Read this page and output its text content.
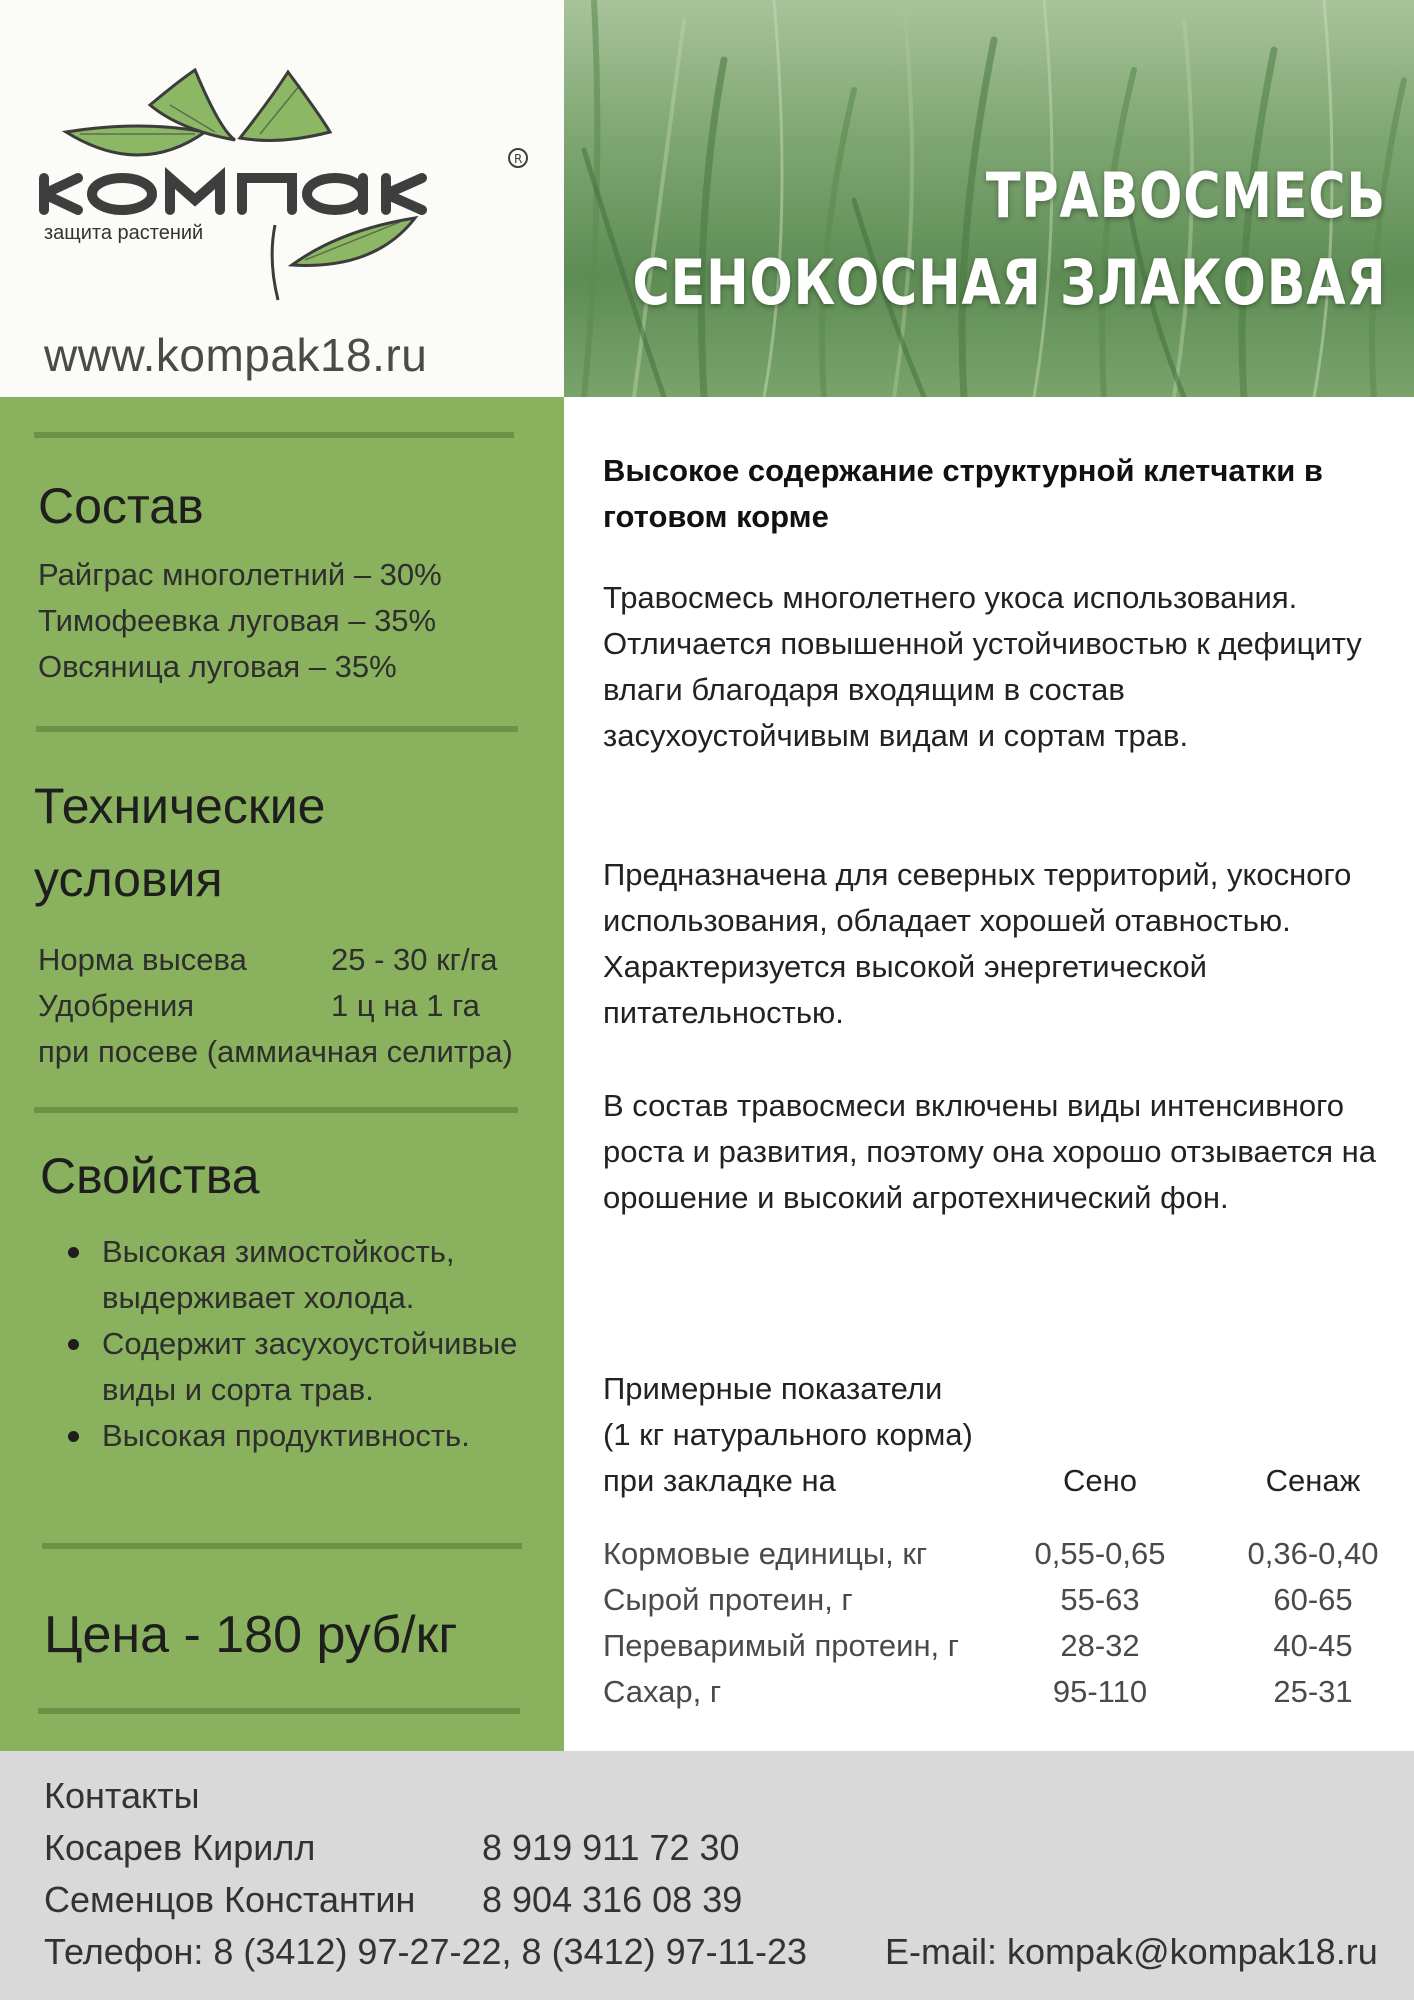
R
защита растений
www.kompak18.ru
ТРАВОСМЕСЬ
СЕНОКОСНАЯ ЗЛАКОВАЯ
Состав
Райграс многолетний – 30%
Тимофеевка луговая – 35%
Овсяница луговая – 35%
Технические
условия
Норма высева	25 - 30 кг/га
Удобрения	1 ц на 1 га
при посеве (аммиачная селитра)
Свойства
Высокая зимостойкость, выдерживает холода.
Содержит засухоустойчивые виды и сорта трав.
Высокая продуктивность.
Цена - 180 руб/кг
Высокое содержание структурной клетчатки в готовом корме
Травосмесь многолетнего укоса использования. Отличается повышенной устойчивостью к дефициту влаги благодаря входящим в состав засухоустойчивым видам и сортам трав.
Предназначена для северных территорий, укосного использования, обладает хорошей отавностью. Характеризуется высокой энергетической питательностью.
В состав травосмеси включены виды интенсивного роста и развития, поэтому она хорошо отзывается на орошение и высокий агротехнический фон.
Примерные показатели
(1 кг натурального корма)
при закладке на	Сено	Сенаж
Кормовые единицы, кг	0,55-0,65	0,36-0,40
Сырой протеин, г	55-63	60-65
Переваримый протеин, г	28-32	40-45
Сахар, г	95-110	25-31
Контакты
Косарев Кирилл	8 919 911 72 30
Семенцов Константин 8 904 316 08 39
Телефон: 8 (3412) 97-27-22, 8 (3412) 97-11-23 E-mail: kompak@kompak18.ru
